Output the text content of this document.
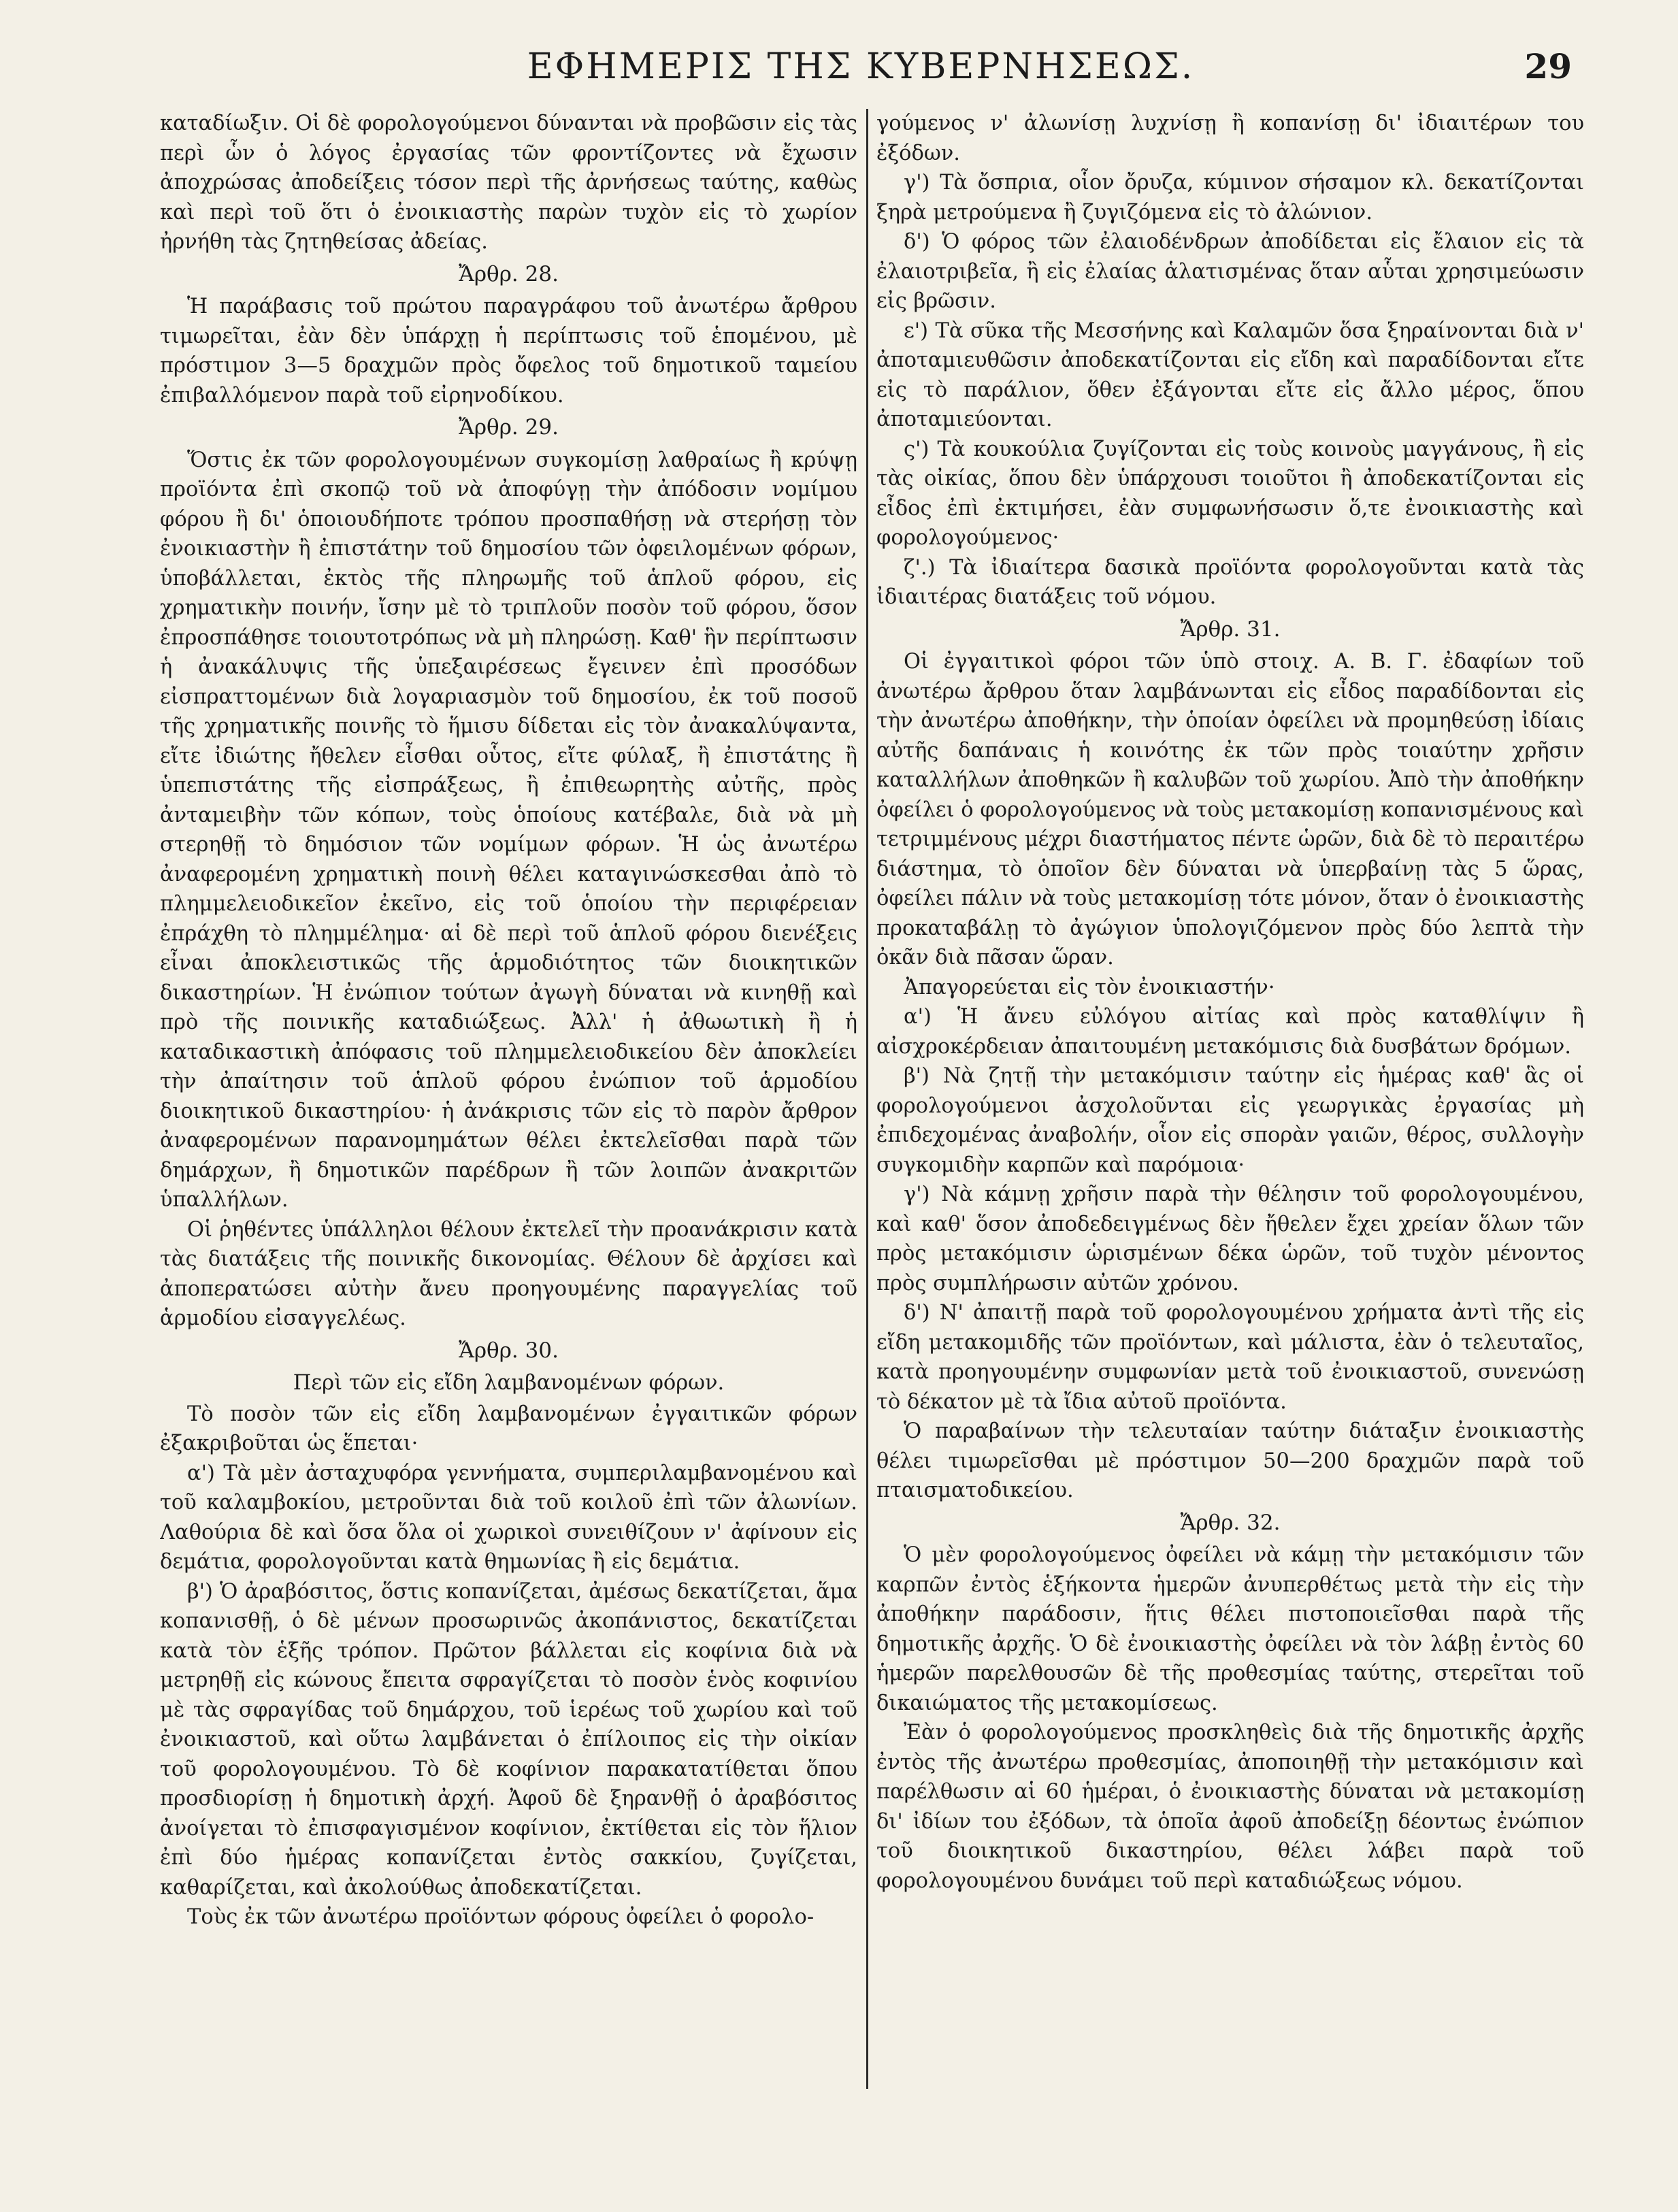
ΕΦΗΜΕΡΙΣ ΤΗΣ ΚΥΒΕΡΝΗΣΕΩΣ.	29

καταδίωξιν. Οἱ δὲ φορολογούμενοι δύνανται νὰ προβῶσιν εἰς τὰς περὶ ὧν ὁ λόγος ἐργασίας τῶν φροντίζοντες νὰ ἔχωσιν ἀποχρώσας ἀποδείξεις τόσον περὶ τῆς ἀρνήσεως ταύτης, καθὼς καὶ περὶ τοῦ ὅτι ὁ ἐνοικιαστὴς παρὼν τυχὸν εἰς τὸ χωρίον ἠρνήθη τὰς ζητηθείσας ἀδείας.

Ἄρθρ. 28.

Ἡ παράβασις τοῦ πρώτου παραγράφου τοῦ ἀνωτέρω ἄρθρου τιμωρεῖται, ἐὰν δὲν ὑπάρχῃ ἡ περίπτωσις τοῦ ἑπομένου, μὲ πρόστιμον 3—5 δραχμῶν πρὸς ὄφελος τοῦ δημοτικοῦ ταμείου ἐπιβαλλόμενον παρὰ τοῦ εἰρηνοδίκου.

Ἄρθρ. 29.

Ὅστις ἐκ τῶν φορολογουμένων συγκομίσῃ λαθραίως ἢ κρύψῃ προϊόντα ἐπὶ σκοπῷ τοῦ νὰ ἀποφύγῃ τὴν ἀπόδοσιν νομίμου φόρου ἢ δι' ὁποιουδήποτε τρόπου προσπαθήσῃ νὰ στερήσῃ τὸν ἐνοικιαστὴν ἢ ἐπιστάτην τοῦ δημοσίου τῶν ὀφειλομένων φόρων, ὑποβάλλεται, ἐκτὸς τῆς πληρωμῆς τοῦ ἁπλοῦ φόρου, εἰς χρηματικὴν ποινήν, ἴσην μὲ τὸ τριπλοῦν ποσὸν τοῦ φόρου, ὅσον ἐπροσπάθησε τοιουτοτρόπως νὰ μὴ πληρώσῃ. Καθ' ἣν περίπτωσιν ἡ ἀνακάλυψις τῆς ὑπεξαιρέσεως ἔγεινεν ἐπὶ προσόδων εἰσπραττομένων διὰ λογαριασμὸν τοῦ δημοσίου, ἐκ τοῦ ποσοῦ τῆς χρηματικῆς ποινῆς τὸ ἥμισυ δίδεται εἰς τὸν ἀνακαλύψαντα, εἴτε ἰδιώτης ἤθελεν εἶσθαι οὗτος, εἴτε φύλαξ, ἢ ἐπιστάτης ἢ ὑπεπιστάτης τῆς εἰσπράξεως, ἢ ἐπιθεωρητὴς αὐτῆς, πρὸς ἀνταμειβὴν τῶν κόπων, τοὺς ὁποίους κατέβαλε, διὰ νὰ μὴ στερηθῇ τὸ δημόσιον τῶν νομίμων φόρων. Ἡ ὡς ἀνωτέρω ἀναφερομένη χρηματικὴ ποινὴ θέλει καταγινώσκεσθαι ἀπὸ τὸ πλημμελειοδικεῖον ἐκεῖνο, εἰς τοῦ ὁποίου τὴν περιφέρειαν ἐπράχθη τὸ πλημμέλημα· αἱ δὲ περὶ τοῦ ἁπλοῦ φόρου διενέξεις εἶναι ἀποκλειστικῶς τῆς ἁρμοδιότητος τῶν διοικητικῶν δικαστηρίων. Ἡ ἐνώπιον τούτων ἀγωγὴ δύναται νὰ κινηθῇ καὶ πρὸ τῆς ποινικῆς καταδιώξεως. Ἀλλ' ἡ ἀθωωτικὴ ἢ ἡ καταδικαστικὴ ἀπόφασις τοῦ πλημμελειοδικείου δὲν ἀποκλείει τὴν ἀπαίτησιν τοῦ ἁπλοῦ φόρου ἐνώπιον τοῦ ἁρμοδίου διοικητικοῦ δικαστηρίου· ἡ ἀνάκρισις τῶν εἰς τὸ παρὸν ἄρθρον ἀναφερομένων παρανομημάτων θέλει ἐκτελεῖσθαι παρὰ τῶν δημάρχων, ἢ δημοτικῶν παρέδρων ἢ τῶν λοιπῶν ἀνακριτῶν ὑπαλλήλων.

Οἱ ῥηθέντες ὑπάλληλοι θέλουν ἐκτελεῖ τὴν προανάκρισιν κατὰ τὰς διατάξεις τῆς ποινικῆς δικονομίας. Θέλουν δὲ ἀρχίσει καὶ ἀποπερατώσει αὐτὴν ἄνευ προηγουμένης παραγγελίας τοῦ ἁρμοδίου εἰσαγγελέως.

Ἄρθρ. 30.
Περὶ τῶν εἰς εἴδη λαμβανομένων φόρων.

Τὸ ποσὸν τῶν εἰς εἴδη λαμβανομένων ἐγγαιτικῶν φόρων ἐξακριβοῦται ὡς ἕπεται·

α') Τὰ μὲν ἀσταχυφόρα γεννήματα, συμπεριλαμβανομένου καὶ τοῦ καλαμβοκίου, μετροῦνται διὰ τοῦ κοιλοῦ ἐπὶ τῶν ἀλωνίων. Λαθούρια δὲ καὶ ὅσα ὅλα οἱ χωρικοὶ συνειθίζουν ν' ἀφίνουν εἰς δεμάτια, φορολογοῦνται κατὰ θημωνίας ἢ εἰς δεμάτια.

β') Ὁ ἀραβόσιτος, ὅστις κοπανίζεται, ἀμέσως δεκατίζεται, ἅμα κοπανισθῇ, ὁ δὲ μένων προσωρινῶς ἀκοπάνιστος, δεκατίζεται κατὰ τὸν ἑξῆς τρόπον. Πρῶτον βάλλεται εἰς κοφίνια διὰ νὰ μετρηθῇ εἰς κώνους ἔπειτα σφραγίζεται τὸ ποσὸν ἑνὸς κοφινίου μὲ τὰς σφραγίδας τοῦ δημάρχου, τοῦ ἱερέως τοῦ χωρίου καὶ τοῦ ἐνοικιαστοῦ, καὶ οὕτω λαμβάνεται ὁ ἐπίλοιπος εἰς τὴν οἰκίαν τοῦ φορολογουμένου. Τὸ δὲ κοφίνιον παρακατατίθεται ὅπου προσδιορίσῃ ἡ δημοτικὴ ἀρχή. Ἀφοῦ δὲ ξηρανθῇ ὁ ἀραβόσιτος ἀνοίγεται τὸ ἐπισφαγισμένον κοφίνιον, ἐκτίθεται εἰς τὸν ἥλιον ἐπὶ δύο ἡμέρας κοπανίζεται ἐντὸς σακκίου, ζυγίζεται, καθαρίζεται, καὶ ἀκολούθως ἀποδεκατίζεται.

Τοὺς ἐκ τῶν ἀνωτέρω προϊόντων φόρους ὀφείλει ὁ φορολο-

γούμενος ν' ἀλωνίσῃ λυχνίσῃ ἢ κοπανίσῃ δι' ἰδιαιτέρων του ἐξόδων.

γ') Τὰ ὄσπρια, οἷον ὄρυζα, κύμινον σήσαμον κλ. δεκατίζονται ξηρὰ μετρούμενα ἢ ζυγιζόμενα εἰς τὸ ἀλώνιον.

δ') Ὁ φόρος τῶν ἐλαιοδένδρων ἀποδίδεται εἰς ἔλαιον εἰς τὰ ἐλαιοτριβεῖα, ἢ εἰς ἐλαίας ἁλατισμένας ὅταν αὗται χρησιμεύωσιν εἰς βρῶσιν.

ε') Τὰ σῦκα τῆς Μεσσήνης καὶ Καλαμῶν ὅσα ξηραίνονται διὰ ν' ἀποταμιευθῶσιν ἀποδεκατίζονται εἰς εἴδη καὶ παραδίδονται εἴτε εἰς τὸ παράλιον, ὅθεν ἐξάγονται εἴτε εἰς ἄλλο μέρος, ὅπου ἀποταμιεύονται.

ς') Τὰ κουκούλια ζυγίζονται εἰς τοὺς κοινοὺς μαγγάνους, ἢ εἰς τὰς οἰκίας, ὅπου δὲν ὑπάρχουσι τοιοῦτοι ἢ ἀποδεκατίζονται εἰς εἶδος ἐπὶ ἐκτιμήσει, ἐὰν συμφωνήσωσιν ὅ,τε ἐνοικιαστὴς καὶ φορολογούμενος·

ζ'.) Τὰ ἰδιαίτερα δασικὰ προϊόντα φορολογοῦνται κατὰ τὰς ἰδιαιτέρας διατάξεις τοῦ νόμου.

Ἄρθρ. 31.

Οἱ ἐγγαιτικοὶ φόροι τῶν ὑπὸ στοιχ. Α. Β. Γ. ἐδαφίων τοῦ ἀνωτέρω ἄρθρου ὅταν λαμβάνωνται εἰς εἶδος παραδίδονται εἰς τὴν ἀνωτέρω ἀποθήκην, τὴν ὁποίαν ὀφείλει νὰ προμηθεύσῃ ἰδίαις αὐτῆς δαπάναις ἡ κοινότης ἐκ τῶν πρὸς τοιαύτην χρῆσιν καταλλήλων ἀποθηκῶν ἢ καλυβῶν τοῦ χωρίου. Ἀπὸ τὴν ἀποθήκην ὀφείλει ὁ φορολογούμενος νὰ τοὺς μετακομίσῃ κοπανισμένους καὶ τετριμμένους μέχρι διαστήματος πέντε ὡρῶν, διὰ δὲ τὸ περαιτέρω διάστημα, τὸ ὁποῖον δὲν δύναται νὰ ὑπερβαίνῃ τὰς 5 ὥρας, ὀφείλει πάλιν νὰ τοὺς μετακομίσῃ τότε μόνον, ὅταν ὁ ἐνοικιαστὴς προκαταβάλῃ τὸ ἀγώγιον ὑπολογιζόμενον πρὸς δύο λεπτὰ τὴν ὀκᾶν διὰ πᾶσαν ὥραν.

Ἀπαγορεύεται εἰς τὸν ἐνοικιαστήν·

α') Ἡ ἄνευ εὐλόγου αἰτίας καὶ πρὸς καταθλίψιν ἢ αἰσχροκέρδειαν ἀπαιτουμένη μετακόμισις διὰ δυσβάτων δρόμων.

β') Νὰ ζητῇ τὴν μετακόμισιν ταύτην εἰς ἡμέρας καθ' ἃς οἱ φορολογούμενοι ἀσχολοῦνται εἰς γεωργικὰς ἐργασίας μὴ ἐπιδεχομένας ἀναβολήν, οἷον εἰς σπορὰν γαιῶν, θέρος, συλλογὴν συγκομιδὴν καρπῶν καὶ παρόμοια·

γ') Νὰ κάμνῃ χρῆσιν παρὰ τὴν θέλησιν τοῦ φορολογουμένου, καὶ καθ' ὅσον ἀποδεδειγμένως δὲν ἤθελεν ἔχει χρείαν ὅλων τῶν πρὸς μετακόμισιν ὡρισμένων δέκα ὡρῶν, τοῦ τυχὸν μένοντος πρὸς συμπλήρωσιν αὐτῶν χρόνου.

δ') Ν' ἀπαιτῇ παρὰ τοῦ φορολογουμένου χρήματα ἀντὶ τῆς εἰς εἴδη μετακομιδῆς τῶν προϊόντων, καὶ μάλιστα, ἐὰν ὁ τελευταῖος, κατὰ προηγουμένην συμφωνίαν μετὰ τοῦ ἐνοικιαστοῦ, συνενώσῃ τὸ δέκατον μὲ τὰ ἴδια αὐτοῦ προϊόντα.

Ὁ παραβαίνων τὴν τελευταίαν ταύτην διάταξιν ἐνοικιαστὴς θέλει τιμωρεῖσθαι μὲ πρόστιμον 50—200 δραχμῶν παρὰ τοῦ πταισματοδικείου.

Ἄρθρ. 32.

Ὁ μὲν φορολογούμενος ὀφείλει νὰ κάμῃ τὴν μετακόμισιν τῶν καρπῶν ἐντὸς ἑξήκοντα ἡμερῶν ἀνυπερθέτως μετὰ τὴν εἰς τὴν ἀποθήκην παράδοσιν, ἥτις θέλει πιστοποιεῖσθαι παρὰ τῆς δημοτικῆς ἀρχῆς. Ὁ δὲ ἐνοικιαστὴς ὀφείλει νὰ τὸν λάβῃ ἐντὸς 60 ἡμερῶν παρελθουσῶν δὲ τῆς προθεσμίας ταύτης, στερεῖται τοῦ δικαιώματος τῆς μετακομίσεως.

Ἐὰν ὁ φορολογούμενος προσκληθεὶς διὰ τῆς δημοτικῆς ἀρχῆς ἐντὸς τῆς ἀνωτέρω προθεσμίας, ἀποποιηθῇ τὴν μετακόμισιν καὶ παρέλθωσιν αἱ 60 ἡμέραι, ὁ ἐνοικιαστὴς δύναται νὰ μετακομίσῃ δι' ἰδίων του ἐξόδων, τὰ ὁποῖα ἀφοῦ ἀποδείξῃ δέοντως ἐνώπιον τοῦ διοικητικοῦ δικαστηρίου, θέλει λάβει παρὰ τοῦ φορολογουμένου δυνάμει τοῦ περὶ καταδιώξεως νόμου.
